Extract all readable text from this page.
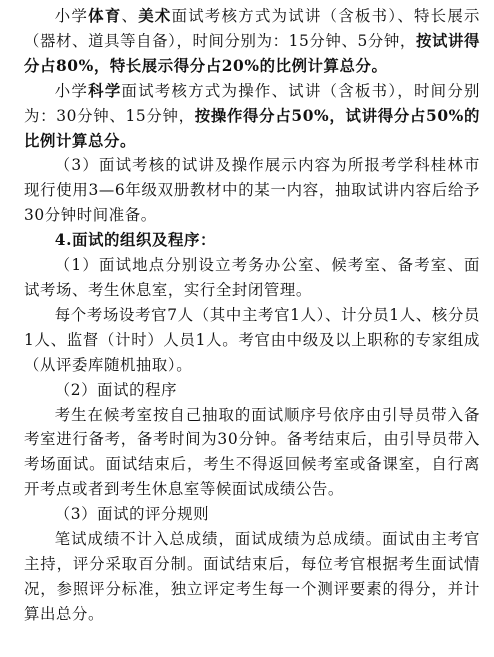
小学体育、美术面试考核方式为试讲（含板书）、特长展示（器材、道具等自备），时间分别为：15分钟、5分钟，按试讲得分占80%，特长展示得分占20%的比例计算总分。

小学科学面试考核方式为操作、试讲（含板书），时间分别为：30分钟、15分钟，按操作得分占50%，试讲得分占50%的比例计算总分。

（3）面试考核的试讲及操作展示内容为所报考学科桂林市现行使用3—6年级双册教材中的某一内容，抽取试讲内容后给予30分钟时间准备。

4.面试的组织及程序：

（1）面试地点分别设立考务办公室、候考室、备考室、面试考场、考生休息室，实行全封闭管理。

每个考场设考官7人（其中主考官1人）、计分员1人、核分员1人、监督（计时）人员1人。考官由中级及以上职称的专家组成（从评委库随机抽取）。

（2）面试的程序

考生在候考室按自己抽取的面试顺序号依序由引导员带入备考室进行备考，备考时间为30分钟。备考结束后，由引导员带入考场面试。面试结束后，考生不得返回候考室或备课室，自行离开考点或者到考生休息室等候面试成绩公告。

（3）面试的评分规则

笔试成绩不计入总成绩，面试成绩为总成绩。面试由主考官主持，评分采取百分制。面试结束后，每位考官根据考生面试情况，参照评分标准，独立评定考生每一个测评要素的得分，并计算出总分。
